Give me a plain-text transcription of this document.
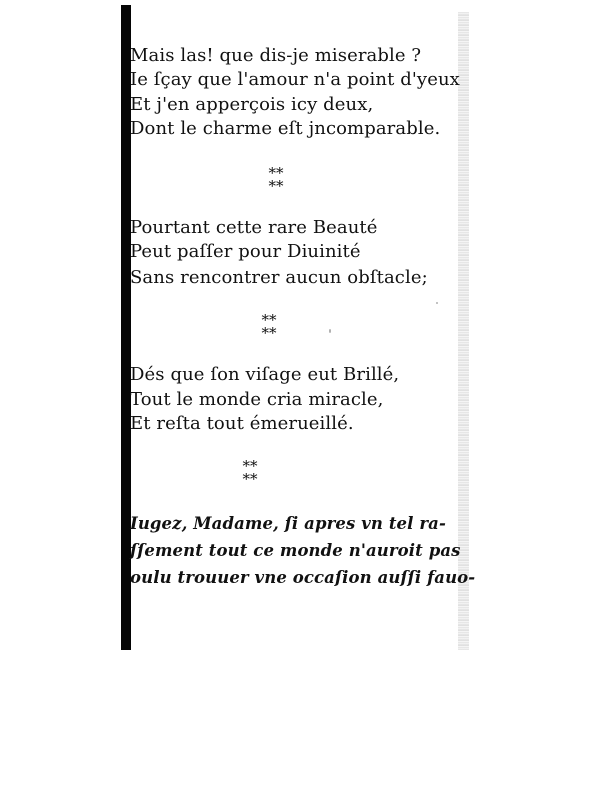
Mais las! que dis-je miserable ?
Ie ſçay que l'amour n'a point d'yeux
Et j'en apperçois icy deux,
Dont le charme eſt jncomparable.
**
**
Pourtant cette rare Beauté
Peut paſſer pour Diuinité
Sans rencontrer aucun obſtacle;
**
**
Dés que ſon viſage eut Brillé,
Tout le monde cria miracle,
Et reſta tout émerueillé.
**
**
Iugez, Madame, ſi apres vn tel ra-
ſſement tout ce monde n'auroit pas
oulu trouuer vne occaſion auſſi fauo-
